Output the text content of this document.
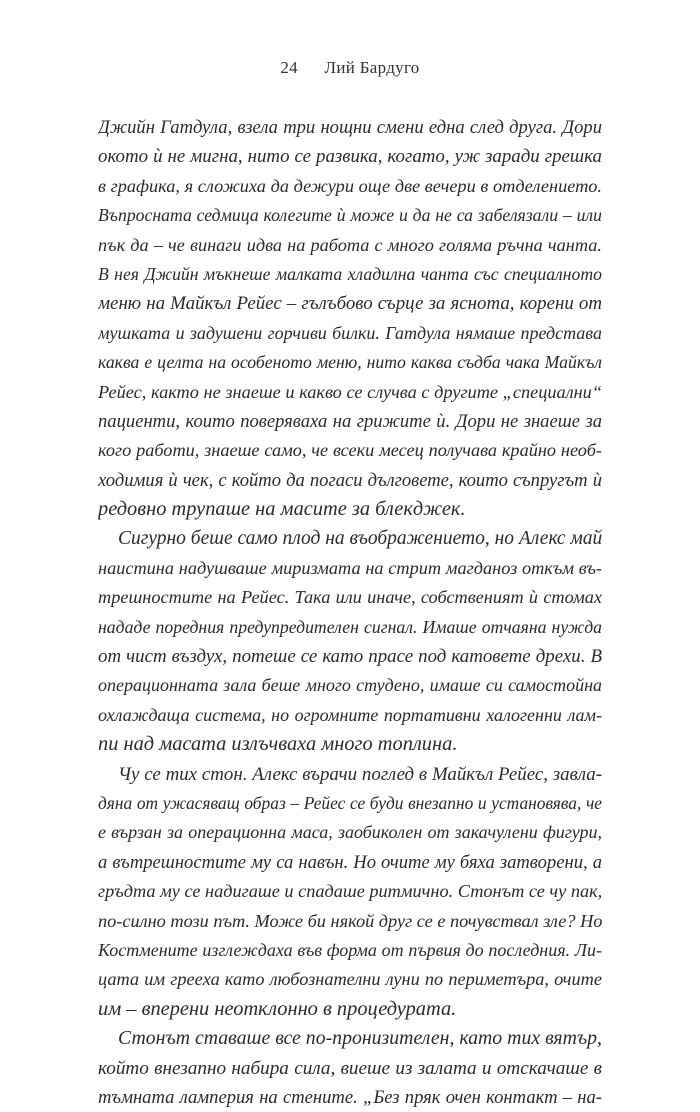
24 Лий Бардуго
Джийн Гатдула, взела три нощни смени една след друга. Дори
окото ѝ не мигна, нито се развика, когато, уж заради грешка
в графика, я сложиха да дежури още две вечери в отделението.
Въпросната седмица колегите ѝ може и да не са забелязали – или
пък да – че винаги идва на работа с много голяма ръчна чанта.
В нея Джийн мъкнеше малката хладилна чанта със специалното
меню на Майкъл Рейес – гълъбово сърце за яснота, корени от
мушката и задушени горчиви билки. Гатдула нямаше представа
каква е целта на особеното меню, нито каква съдба чака Майкъл
Рейес, както не знаеше и какво се случва с другите „специални“
пациенти, които поверяваха на грижите ѝ. Дори не знаеше за
кого работи, знаеше само, че всеки месец получава крайно необ-
ходимия ѝ чек, с който да погаси дълговете, които съпругът ѝ
редовно трупаше на масите за блекджек.
Сигурно беше само плод на въображението, но Алекс май
наистина надушваше миризмата на стрит магданоз откъм въ-
трешностите на Рейес. Така или иначе, собственият ѝ стомах
нададе поредния предупредителен сигнал. Имаше отчаяна нужда
от чист въздух, потеше се като прасе под катовете дрехи. В
операционната зала беше много студено, имаше си самостойна
охлаждаща система, но огромните портативни халогенни лам-
пи над масата излъчваха много топлина.
Чу се тих стон. Алекс върачи поглед в Майкъл Рейес, завла-
дяна от ужасяващ образ – Рейес се буди внезапно и установява, че
е вързан за операционна маса, заобиколен от закачулени фигури,
а вътрешностите му са навън. Но очите му бяха затворени, а
гръдта му се надигаше и спадаше ритмично. Стонът се чу пак,
по-силно този път. Може би някой друг се е почувствал зле? Но
Костмените изглеждаха във форма от първия до последния. Ли-
цата им греeха като любознателни луни по периметъра, очите
им – вперени неотклонно в процедурата.
Стонът ставаше все по-пронизителен, като тих вятър,
който внезапно набира сила, виеше из залата и отскачаше в
тъмната ламперия на стените. „Без пряк очен контакт – на-
